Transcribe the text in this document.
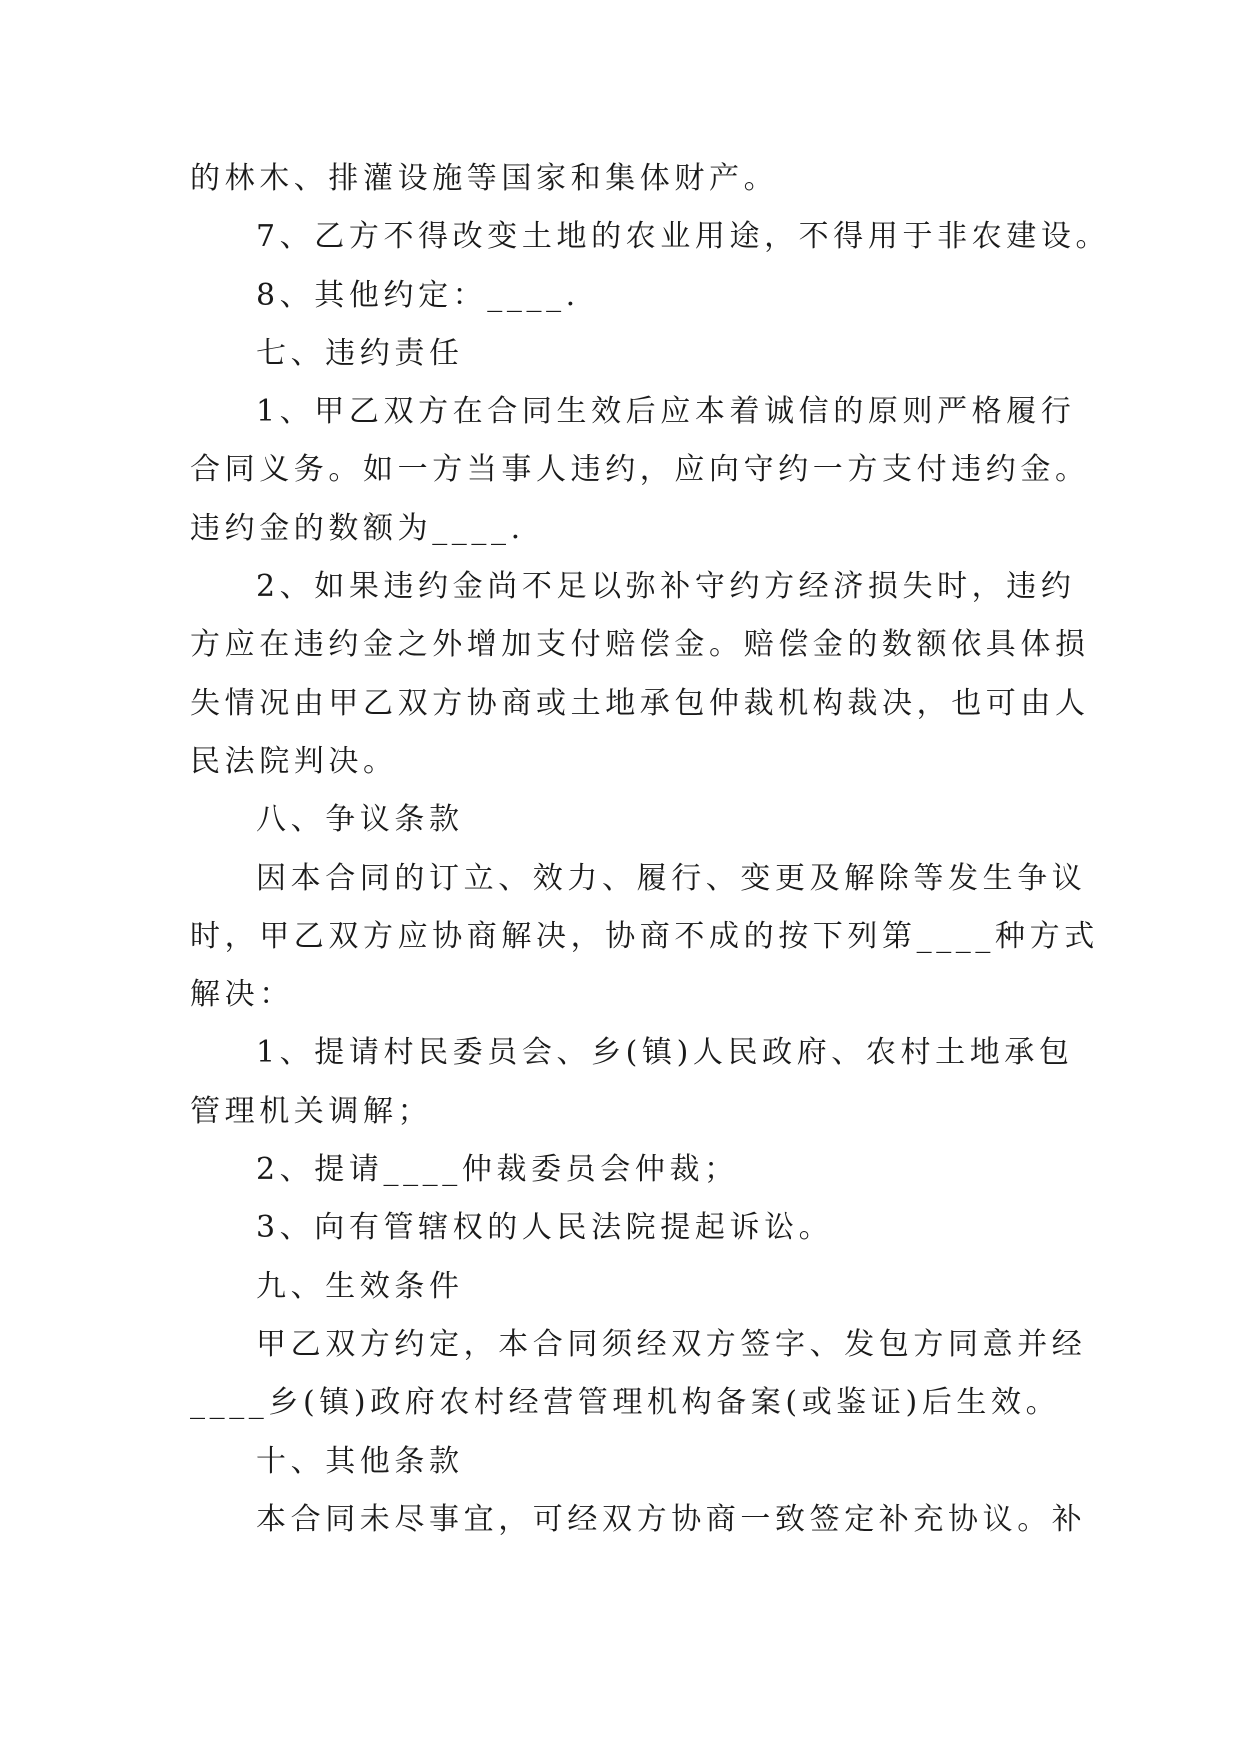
的林木、排灌设施等国家和集体财产。
7、乙方不得改变土地的农业用途，不得用于非农建设。
8、其他约定：____.
七、违约责任
1、甲乙双方在合同生效后应本着诚信的原则严格履行
合同义务。如一方当事人违约，应向守约一方支付违约金。
违约金的数额为____.
2、如果违约金尚不足以弥补守约方经济损失时，违约
方应在违约金之外增加支付赔偿金。赔偿金的数额依具体损
失情况由甲乙双方协商或土地承包仲裁机构裁决，也可由人
民法院判决。
八、争议条款
因本合同的订立、效力、履行、变更及解除等发生争议
时，甲乙双方应协商解决，协商不成的按下列第____种方式
解决：
1、提请村民委员会、乡(镇)人民政府、农村土地承包
管理机关调解；
2、提请____仲裁委员会仲裁；
3、向有管辖权的人民法院提起诉讼。
九、生效条件
甲乙双方约定，本合同须经双方签字、发包方同意并经
____乡(镇)政府农村经营管理机构备案(或鉴证)后生效。
十、其他条款
本合同未尽事宜，可经双方协商一致签定补充协议。补
